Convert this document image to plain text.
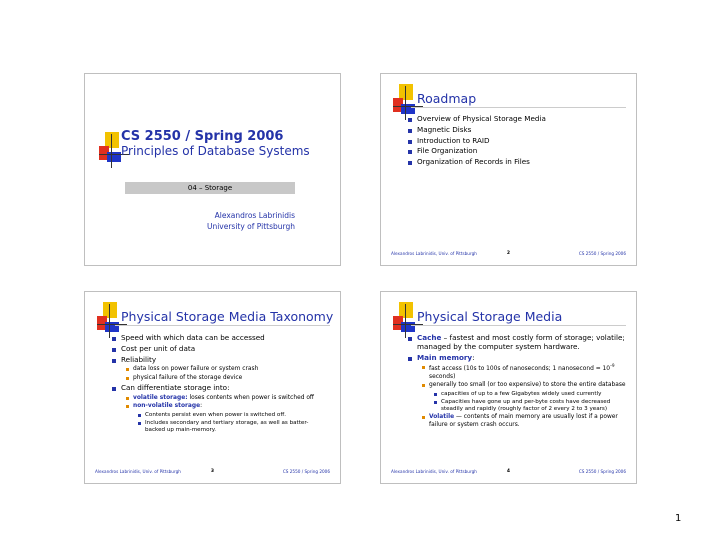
CS 2550 / Spring 2006
Principles of Database Systems
04 – Storage
Alexandros Labrinidis
University of Pittsburgh
Roadmap
Overview of Physical Storage Media
Magnetic Disks
Introduction to RAID
File Organization
Organization of Records in Files
Alexandros Labrinidis, Univ. of Pittsburgh	2	CS 2550 / Spring 2006
Physical Storage Media Taxonomy
Speed with which data can be accessed
Cost per unit of data
Reliability
data loss on power failure or system crash
physical failure of the storage device
Can differentiate storage into:
volatile storage: loses contents when power is switched off
non-volatile storage:
Contents persist even when power is switched off.
Includes secondary and tertiary storage, as well as batter-backed up main-memory.
Alexandros Labrinidis, Univ. of Pittsburgh	3	CS 2550 / Spring 2006
Physical Storage Media
Cache – fastest and most costly form of storage; volatile; managed by the computer system hardware.
Main memory:
fast access (10s to 100s of nanoseconds; 1 nanosecond = $10^{-9}$ seconds)
generally too small (or too expensive) to store the entire database
capacities of up to a few Gigabytes widely used currently
Capacities have gone up and per-byte costs have decreased steadily and rapidly (roughly factor of 2 every 2 to 3 years)
Volatile — contents of main memory are usually lost if a power failure or system crash occurs.
Alexandros Labrinidis, Univ. of Pittsburgh	4	CS 2550 / Spring 2006
1
